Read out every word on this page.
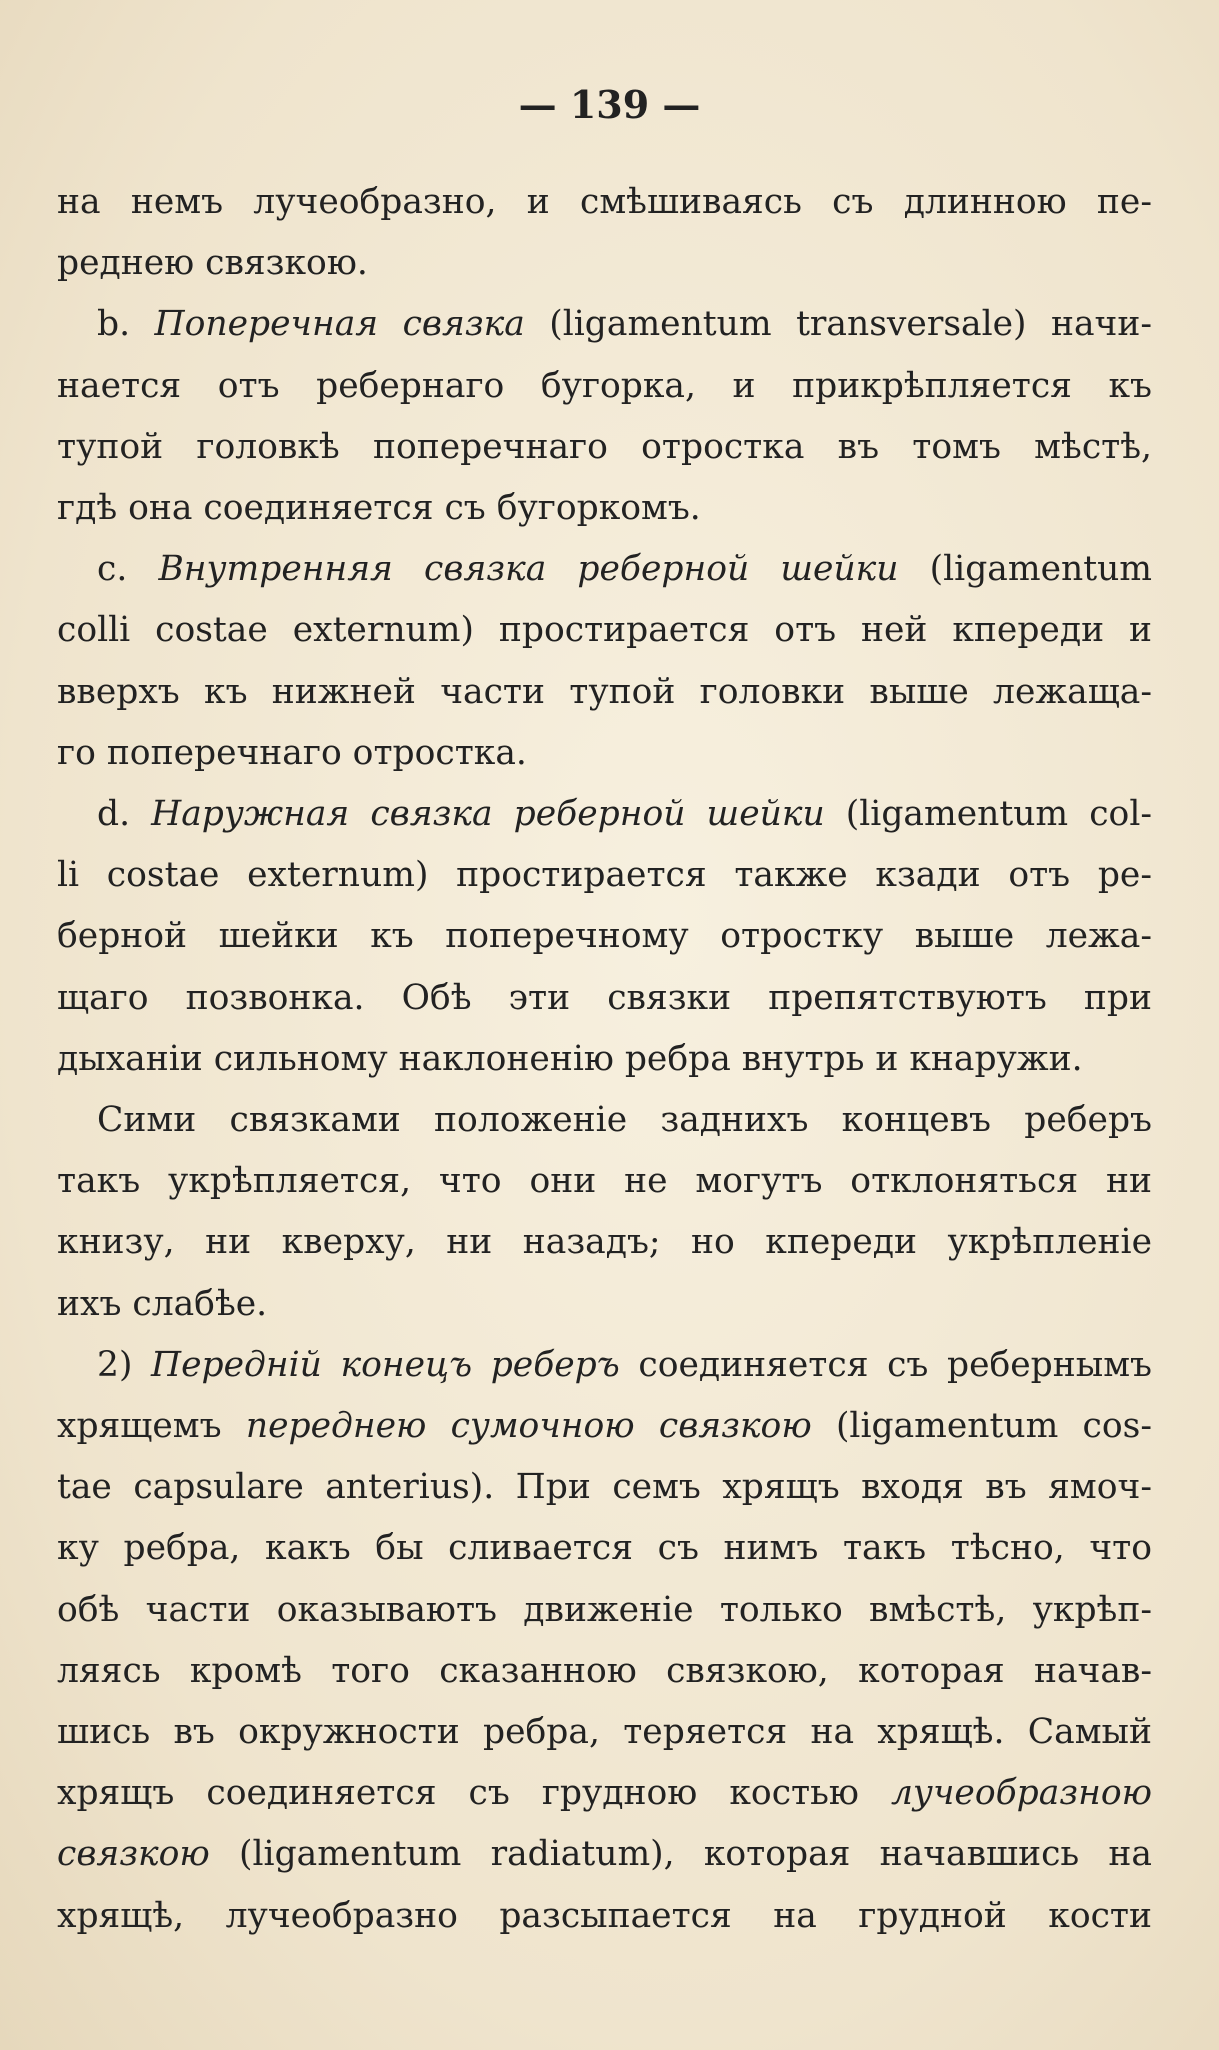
— 139 —
на немъ лучеобразно, и смѣшиваясь съ длинною пе-
реднею связкою.
b. Поперечная связка (ligamentum transversale) начи-
нается отъ ребернаго бугорка, и прикрѣпляется къ
тупой головкѣ поперечнаго отростка въ томъ мѣстѣ,
гдѣ она соединяется съ бугоркомъ.
c. Внутренняя связка реберной шейки (ligamentum
colli costae externum) простирается отъ ней кпереди и
вверхъ къ нижней части тупой головки выше лежаща-
го поперечнаго отростка.
d. Наружная связка реберной шейки (ligamentum col-
li costae externum) простирается также кзади отъ ре-
берной шейки къ поперечному отростку выше лежа-
щаго позвонка. Обѣ эти связки препятствуютъ при
дыханіи сильному наклоненію ребра внутрь и кнаружи.
Сими связками положеніе заднихъ концевъ реберъ
такъ укрѣпляется, что они не могутъ отклоняться ни
книзу, ни кверху, ни назадъ; но кпереди укрѣпленіе
ихъ слабѣе.
2) Передній конецъ реберъ соединяется съ ребернымъ
хрящемъ переднею сумочною связкою (ligamentum cos-
tae capsulare anterius). При семъ хрящъ входя въ ямоч-
ку ребра, какъ бы сливается съ нимъ такъ тѣсно, что
обѣ части оказываютъ движеніе только вмѣстѣ, укрѣп-
ляясь кромѣ того сказанною связкою, которая начав-
шись въ окружности ребра, теряется на хрящѣ. Самый
хрящъ соединяется съ грудною костью лучеобразною
связкою (ligamentum radiatum), которая начавшись на
хрящѣ, лучеобразно разсыпается на грудной кости
